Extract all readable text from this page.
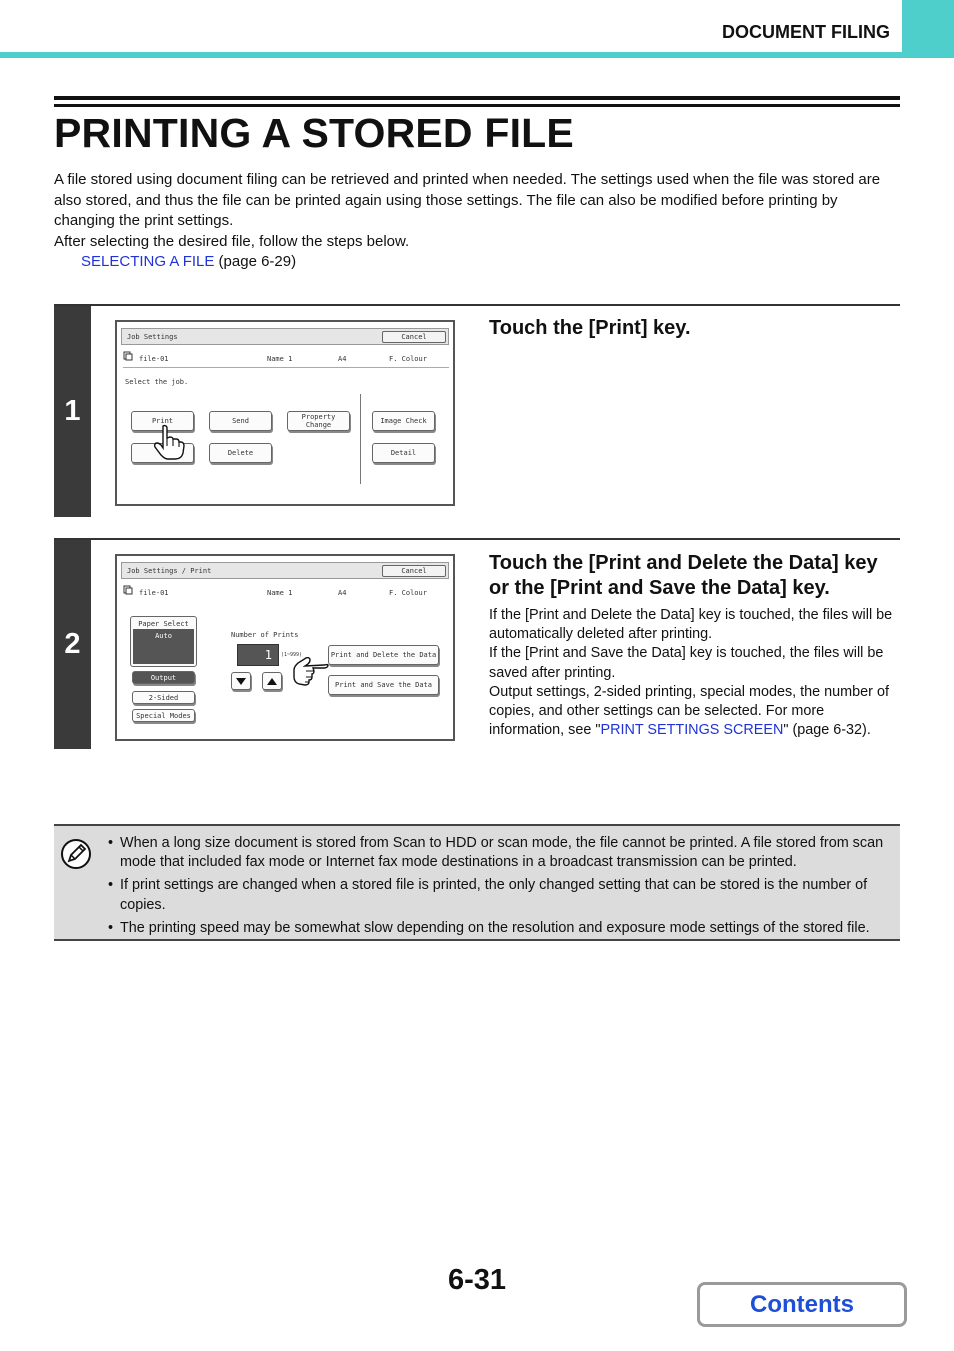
DOCUMENT FILING
PRINTING A STORED FILE

A file stored using document filing can be retrieved and printed when needed. The settings used when the file was stored are also stored, and thus the file can be printed again using those settings. The file can also be modified before printing by changing the print settings.

After selecting the desired file, follow the steps below.

SELECTING A FILE (page 6-29)

1
Job Settings	Cancel
file-01	Name 1	A4	F. Colour
Select the job.
Print	Send	Property
Change	Image Check
Delete	Detail
Touch the [Print] key.
2
Job Settings / Print	Cancel
file-01	Name 1	A4	F. Colour
Paper Select
Auto
Output
2-Sided
Special Modes
Number of Prints
1	(1~999)	Print and Delete the Data
Print and Save the Data
Touch the [Print and Delete the Data] key
or the [Print and Save the Data] key.
If the [Print and Delete the Data] key is touched, the files will be automatically deleted after printing.
If the [Print and Save the Data] key is touched, the files will be saved after printing.
Output settings, 2-sided printing, special modes, the number of copies, and other settings can be selected. For more information, see "PRINT SETTINGS SCREEN" (page 6-32).
• When a long size document is stored from Scan to HDD or scan mode, the file cannot be printed. A file stored from scan mode that included fax mode or Internet fax mode destinations in a broadcast transmission can be printed.
• If print settings are changed when a stored file is printed, the only changed setting that can be stored is the number of copies.
• The printing speed may be somewhat slow depending on the resolution and exposure mode settings of the stored file.
6-31
Contents
